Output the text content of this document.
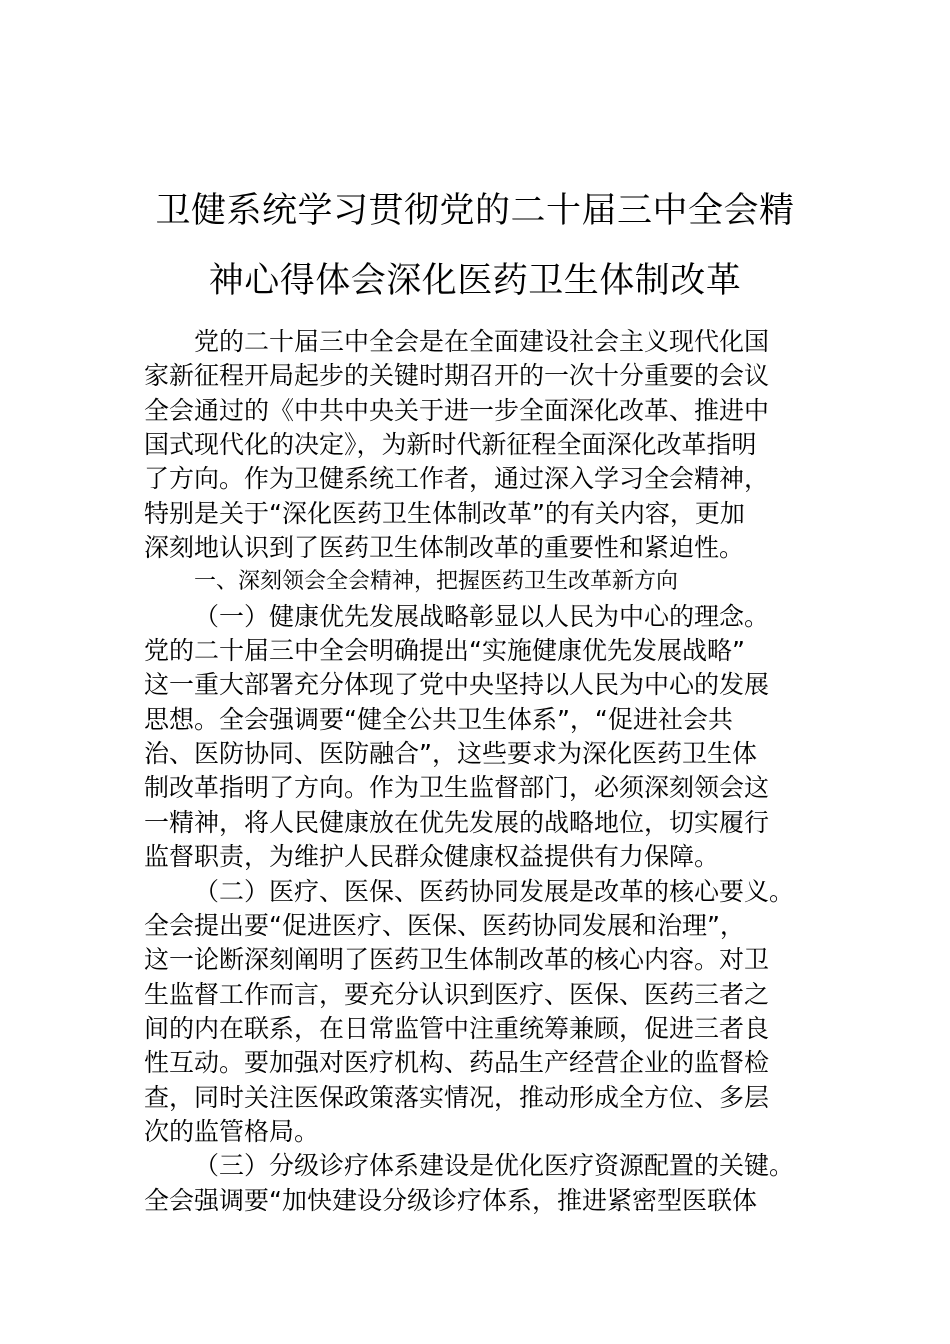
卫健系统学习贯彻党的二十届三中全会精
神心得体会深化医药卫生体制改革
党的二十届三中全会是在全面建设社会主义现代化国
家新征程开局起步的关键时期召开的一次十分重要的会议
全会通过的《中共中央关于进一步全面深化改革、推进中
国式现代化的决定》，为新时代新征程全面深化改革指明
了方向。作为卫健系统工作者，通过深入学习全会精神，
特别是关于“深化医药卫生体制改革”的有关内容，更加
深刻地认识到了医药卫生体制改革的重要性和紧迫性。
一、深刻领会全会精神，把握医药卫生改革新方向
（一）健康优先发展战略彰显以人民为中心的理念。
党的二十届三中全会明确提出“实施健康优先发展战略”
这一重大部署充分体现了党中央坚持以人民为中心的发展
思想。全会强调要“健全公共卫生体系”，“促进社会共
治、医防协同、医防融合”，这些要求为深化医药卫生体
制改革指明了方向。作为卫生监督部门，必须深刻领会这
一精神，将人民健康放在优先发展的战略地位，切实履行
监督职责，为维护人民群众健康权益提供有力保障。
（二）医疗、医保、医药协同发展是改革的核心要义。
全会提出要“促进医疗、医保、医药协同发展和治理”，
这一论断深刻阐明了医药卫生体制改革的核心内容。对卫
生监督工作而言，要充分认识到医疗、医保、医药三者之
间的内在联系，在日常监管中注重统筹兼顾，促进三者良
性互动。要加强对医疗机构、药品生产经营企业的监督检
查，同时关注医保政策落实情况，推动形成全方位、多层
次的监管格局。
（三）分级诊疗体系建设是优化医疗资源配置的关键。
全会强调要“加快建设分级诊疗体系，推进紧密型医联体
